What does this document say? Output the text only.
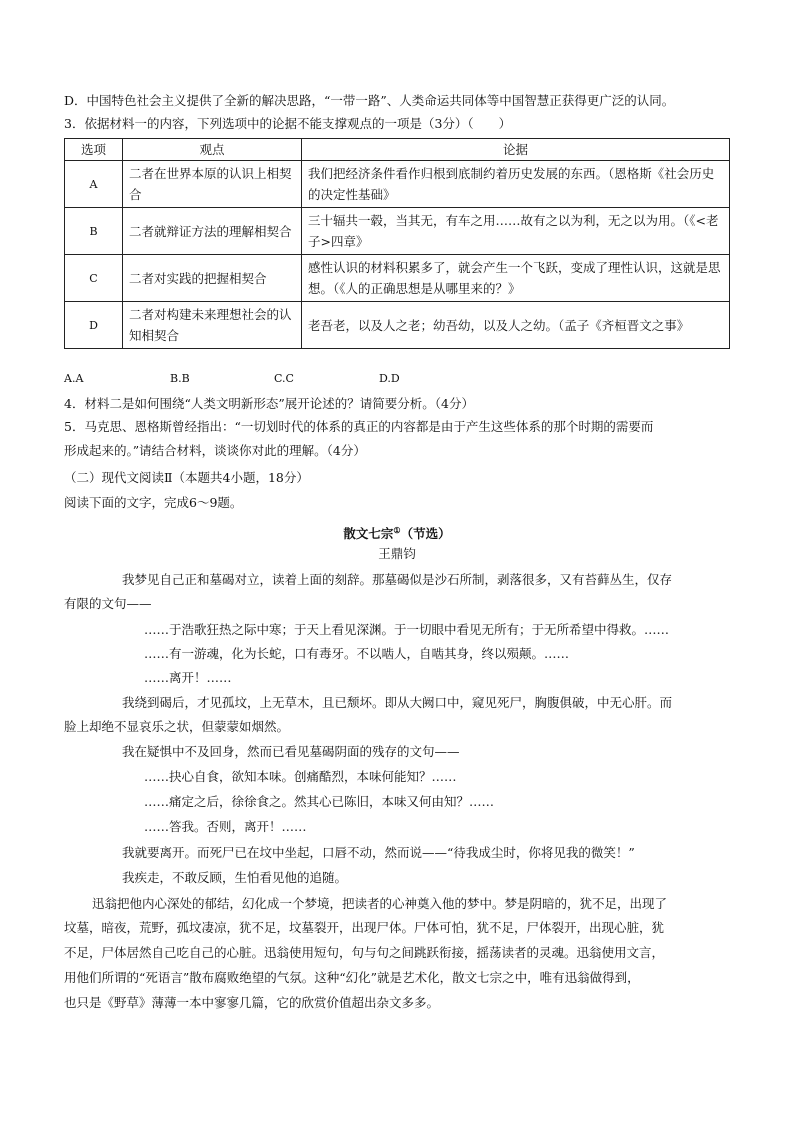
D．中国特色社会主义提供了全新的解决思路，“一带一路”、人类命运共同体等中国智慧正获得更广泛的认同。
3．依据材料一的内容，下列选项中的论据不能支撑观点的一项是（3分）（　　）
选项	观点	论据
A	二者在世界本原的认识上相契合	我们把经济条件看作归根到底制约着历史发展的东西。（恩格斯《社会历史的决定性基础》
B	二者就辩证方法的理解相契合	三十辐共一毂，当其无，有车之用……故有之以为利，无之以为用。（《<老子>四章》
C	二者对实践的把握相契合	感性认识的材料积累多了，就会产生一个飞跃，变成了理性认识，这就是思想。（《人的正确思想是从哪里来的？》
D	二者对构建未来理想社会的认知相契合	老吾老，以及人之老；幼吾幼，以及人之幼。（孟子《齐桓晋文之事》
A.A	B.B	C.C	D.D
4．材料二是如何围绕“人类文明新形态”展开论述的？请简要分析。（4分）
5．马克思、恩格斯曾经指出：“一切划时代的体系的真正的内容都是由于产生这些体系的那个时期的需要而
形成起来的。”请结合材料，谈谈你对此的理解。（4分）
（二）现代文阅读Ⅱ（本题共4小题，18分）
阅读下面的文字，完成6～9题。
散文七宗①（节选）
王鼎钧
我梦见自己正和墓碣对立，读着上面的刻辞。那墓碣似是沙石所制，剥落很多，又有苔藓丛生，仅存
有限的文句——
……于浩歌狂热之际中寒；于天上看见深渊。于一切眼中看见无所有；于无所希望中得救。……
……有一游魂，化为长蛇，口有毒牙。不以啮人，自啮其身，终以殒颠。……
……离开！……
我绕到碣后，才见孤坟，上无草木，且已颓坏。即从大阙口中，窥见死尸，胸腹俱破，中无心肝。而
脸上却绝不显哀乐之状，但蒙蒙如烟然。
我在疑惧中不及回身，然而已看见墓碣阴面的残存的文句——
……抉心自食，欲知本味。创痛酷烈，本味何能知？……
……痛定之后，徐徐食之。然其心已陈旧，本味又何由知？……
……答我。否则，离开！……
我就要离开。而死尸已在坟中坐起，口唇不动，然而说——“待我成尘时，你将见我的微笑！”
我疾走，不敢反顾，生怕看见他的追随。
迅翁把他内心深处的郁结，幻化成一个梦境，把读者的心神奠入他的梦中。梦是阴暗的，犹不足，出现了
坟墓，暗夜，荒野，孤坟凄凉，犹不足，坟墓裂开，出现尸体。尸体可怕，犹不足，尸体裂开，出现心脏，犹
不足，尸体居然自己吃自己的心脏。迅翁使用短句，句与句之间跳跃衔接，摇荡读者的灵魂。迅翁使用文言，
用他们所谓的“死语言”散布腐败绝望的气氛。这种“幻化”就是艺术化，散文七宗之中，唯有迅翁做得到，
也只是《野草》薄薄一本中寥寥几篇，它的欣赏价值超出杂文多多。
